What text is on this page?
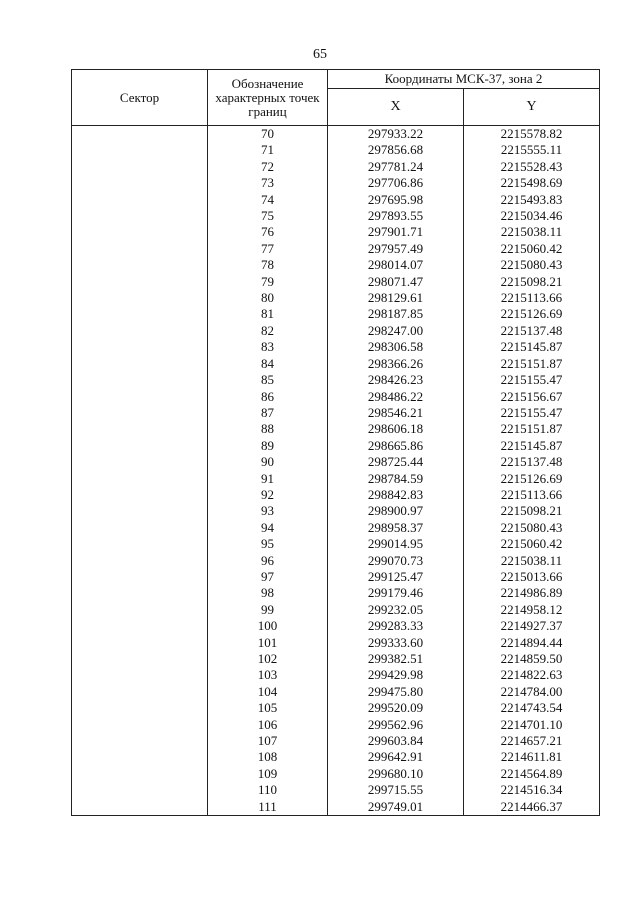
65
Сектор	Обозначение характерных точек границ	Координаты МСК-37, зона 2	
		X	Y
	70	297933.22	2215578.82
	71	297856.68	2215555.11
	72	297781.24	2215528.43
	73	297706.86	2215498.69
	74	297695.98	2215493.83
	75	297893.55	2215034.46
	76	297901.71	2215038.11
	77	297957.49	2215060.42
	78	298014.07	2215080.43
	79	298071.47	2215098.21
	80	298129.61	2215113.66
	81	298187.85	2215126.69
	82	298247.00	2215137.48
	83	298306.58	2215145.87
	84	298366.26	2215151.87
	85	298426.23	2215155.47
	86	298486.22	2215156.67
	87	298546.21	2215155.47
	88	298606.18	2215151.87
	89	298665.86	2215145.87
	90	298725.44	2215137.48
	91	298784.59	2215126.69
	92	298842.83	2215113.66
	93	298900.97	2215098.21
	94	298958.37	2215080.43
	95	299014.95	2215060.42
	96	299070.73	2215038.11
	97	299125.47	2215013.66
	98	299179.46	2214986.89
	99	299232.05	2214958.12
	100	299283.33	2214927.37
	101	299333.60	2214894.44
	102	299382.51	2214859.50
	103	299429.98	2214822.63
	104	299475.80	2214784.00
	105	299520.09	2214743.54
	106	299562.96	2214701.10
	107	299603.84	2214657.21
	108	299642.91	2214611.81
	109	299680.10	2214564.89
	110	299715.55	2214516.34
	111	299749.01	2214466.37
